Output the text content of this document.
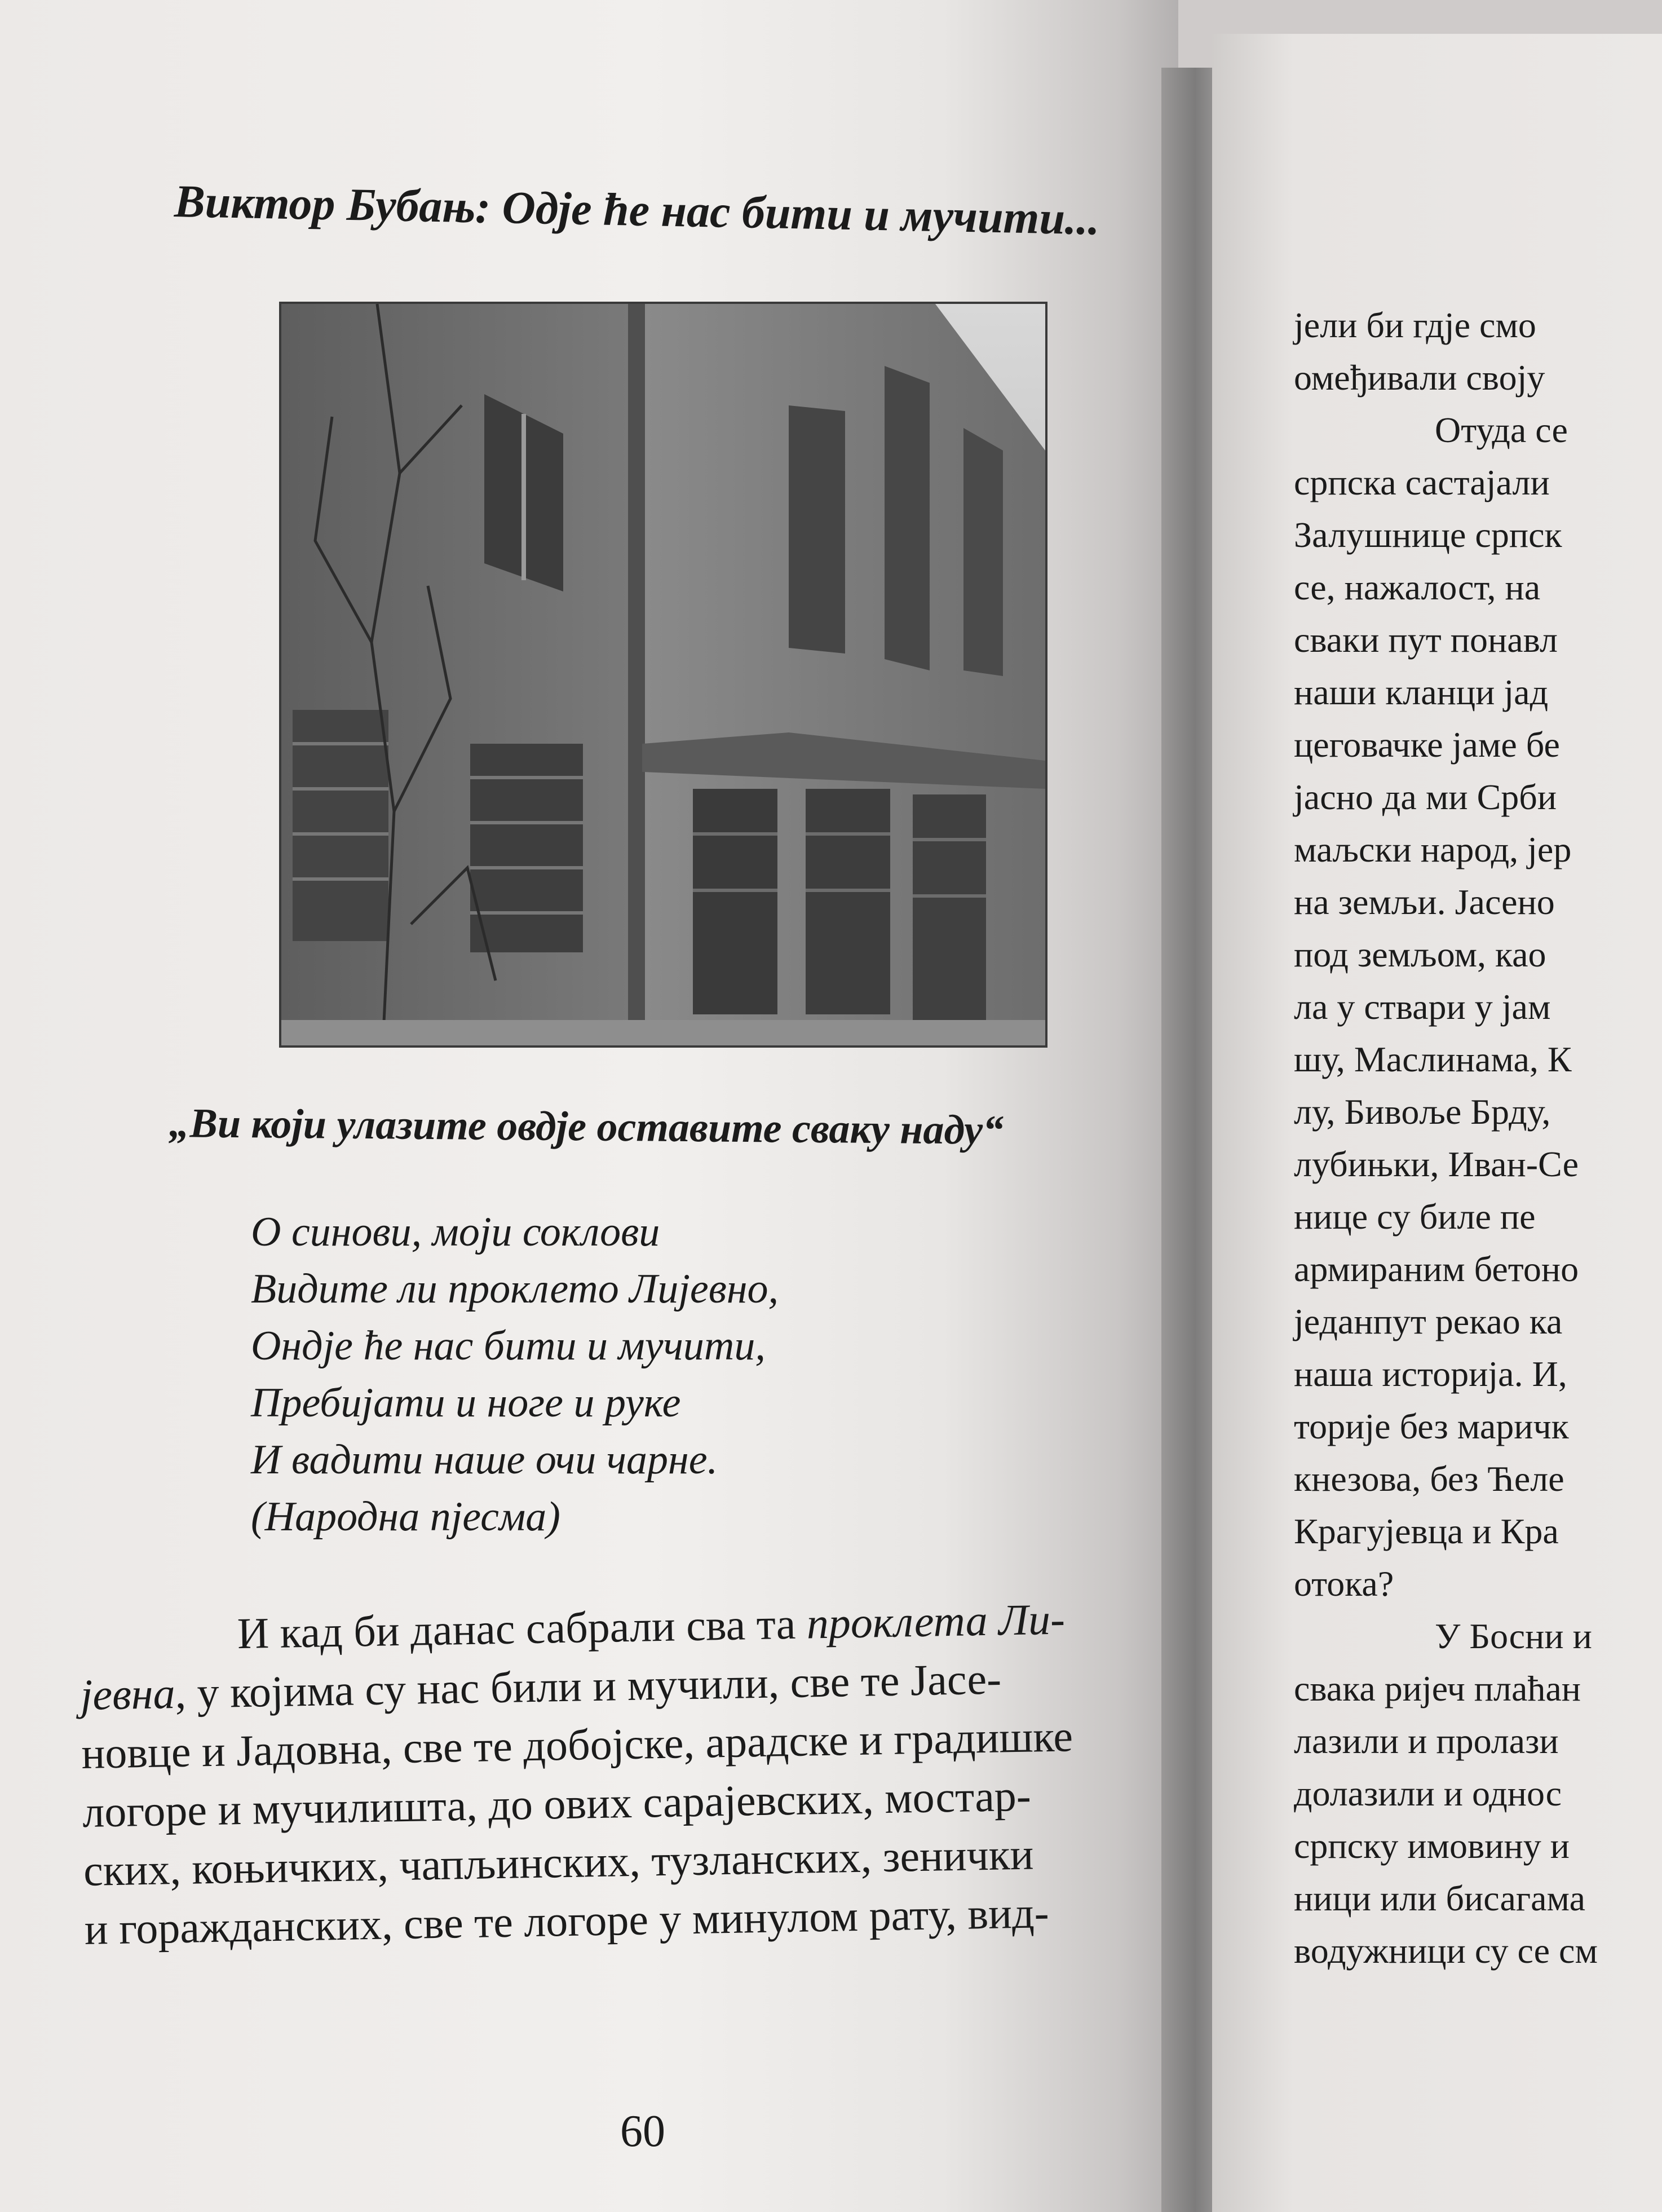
Виктор Бубањ: Одје ће нас бити и мучити...
„Ви који улазите овдје оставите сваку наду“
О синови, моји соклови
Видите ли проклето Лијевно,
Ондје ће нас бити и мучити,
Пребијати и ноге и руке
И вадити наше очи чарне.
(Народна пјесма)
И кад би данас сабрали сва та проклета Ли-
јевна, у којима су нас били и мучили, све те Јасе-
новце и Јадовна, све те добојске, арадске и градишке
логоре и мучилишта, до ових сарајевских, мостар-
ских, коњичких, чапљинских, тузланских, зенички
и горажданских, све те логоре у минулом рату, вид-
60
јели би гдје смо
омеђивали своју
Отуда се
српска састајали
Залушнице српск
се, нажалост, на
сваки пут понавл
наши кланци јад
цеговачке јаме бе
јасно да ми Срби
маљски народ, јер
на земљи. Јасено
под земљом, као
ла у ствари у јам
шу, Маслинама, К
лу, Бивоље Брду,
лубињки, Иван-Се
нице су биле пе
армираним бетоно
једанпут рекао ка
наша историја. И,
торије без маричк
кнезова, без Ћеле
Крагујевца и Кра
отока?
У Босни и
свака ријеч плаћан
лазили и пролази
долазили и однос
српску имовину и
ници или бисагама
водужници су се см
